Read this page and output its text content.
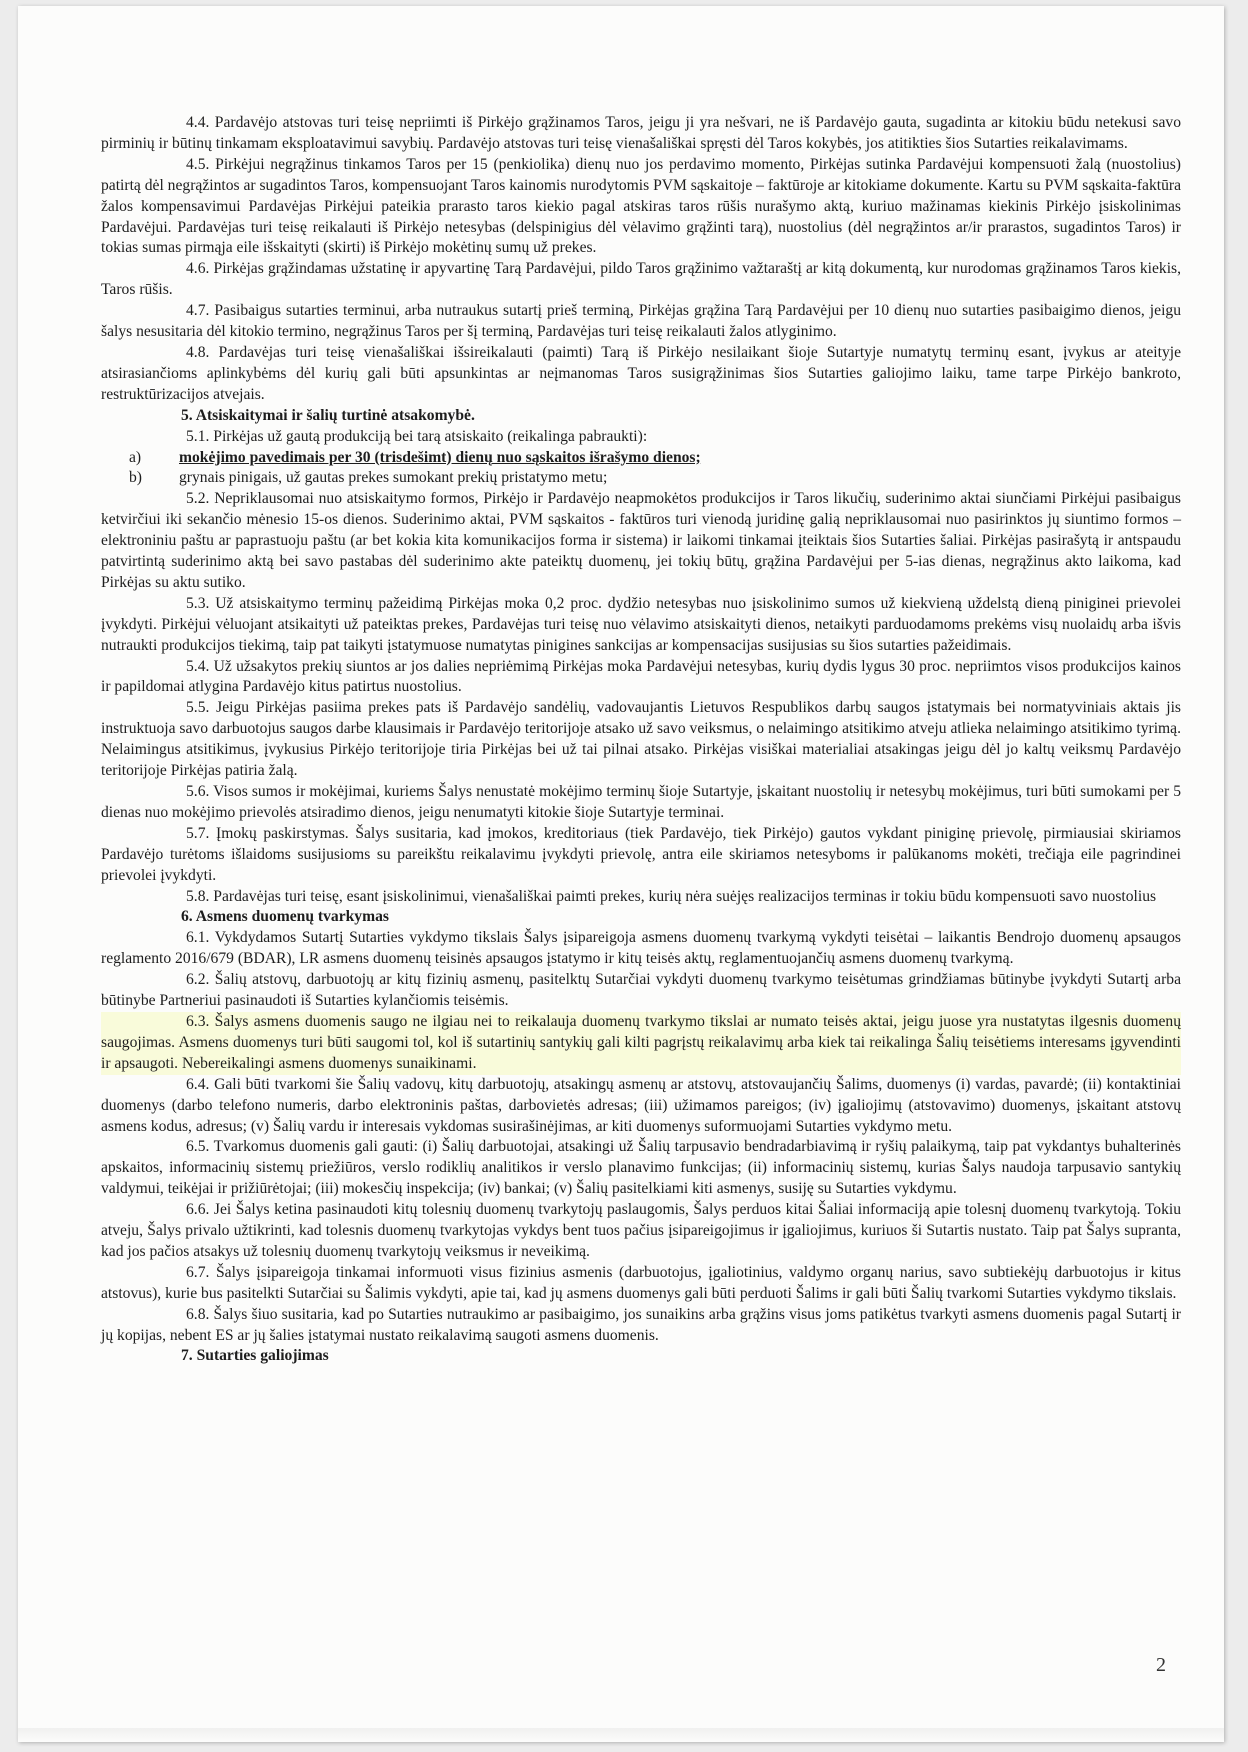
4.4. Pardavėjo atstovas turi teisę nepriimti iš Pirkėjo grąžinamos Taros, jeigu ji yra nešvari, ne iš Pardavėjo gauta, sugadinta ar kitokiu būdu netekusi savo pirminių ir būtinų tinkamam eksploatavimui savybių. Pardavėjo atstovas turi teisę vienašališkai spręsti dėl Taros kokybės, jos atitikties šios Sutarties reikalavimams.

4.5. Pirkėjui negrąžinus tinkamos Taros per 15 (penkiolika) dienų nuo jos perdavimo momento, Pirkėjas sutinka Pardavėjui kompensuoti žalą (nuostolius) patirtą dėl negrąžintos ar sugadintos Taros, kompensuojant Taros kainomis nurodytomis PVM sąskaitoje – faktūroje ar kitokiame dokumente. Kartu su PVM sąskaita-faktūra žalos kompensavimui Pardavėjas Pirkėjui pateikia prarasto taros kiekio pagal atskiras taros rūšis nurašymo aktą, kuriuo mažinamas kiekinis Pirkėjo įsiskolinimas Pardavėjui. Pardavėjas turi teisę reikalauti iš Pirkėjo netesybas (delspinigius dėl vėlavimo grąžinti tarą), nuostolius (dėl negrąžintos ar/ir prarastos, sugadintos Taros) ir tokias sumas pirmąja eile išskaityti (skirti) iš Pirkėjo mokėtinų sumų už prekes.

4.6. Pirkėjas grąžindamas užstatinę ir apyvartinę Tarą Pardavėjui, pildo Taros grąžinimo važtaraštį ar kitą dokumentą, kur nurodomas grąžinamos Taros kiekis, Taros rūšis.

4.7. Pasibaigus sutarties terminui, arba nutraukus sutartį prieš terminą, Pirkėjas grąžina Tarą Pardavėjui per 10 dienų nuo sutarties pasibaigimo dienos, jeigu šalys nesusitaria dėl kitokio termino, negrąžinus Taros per šį terminą, Pardavėjas turi teisę reikalauti žalos atlyginimo.

4.8. Pardavėjas turi teisę vienašališkai išsireikalauti (paimti) Tarą iš Pirkėjo nesilaikant šioje Sutartyje numatytų terminų esant, įvykus ar ateityje atsirasiančioms aplinkybėms dėl kurių gali būti apsunkintas ar neįmanomas Taros susigrąžinimas šios Sutarties galiojimo laiku, tame tarpe Pirkėjo bankroto, restruktūrizacijos atvejais.

5. Atsiskaitymai ir šalių turtinė atsakomybė.

5.1. Pirkėjas už gautą produkciją bei tarą atsiskaito (reikalinga pabraukti):

a) mokėjimo pavedimais per 30 (trisdešimt) dienų nuo sąskaitos išrašymo dienos;

b) grynais pinigais, už gautas prekes sumokant prekių pristatymo metu;

5.2. Nepriklausomai nuo atsiskaitymo formos, Pirkėjo ir Pardavėjo neapmokėtos produkcijos ir Taros likučių, suderinimo aktai siunčiami Pirkėjui pasibaigus ketvirčiui iki sekančio mėnesio 15-os dienos. Suderinimo aktai, PVM sąskaitos - faktūros turi vienodą juridinę galią nepriklausomai nuo pasirinktos jų siuntimo formos – elektroniniu paštu ar paprastuoju paštu (ar bet kokia kita komunikacijos forma ir sistema) ir laikomi tinkamai įteiktais šios Sutarties šaliai. Pirkėjas pasirašytą ir antspaudu patvirtintą suderinimo aktą bei savo pastabas dėl suderinimo akte pateiktų duomenų, jei tokių būtų, grąžina Pardavėjui per 5-ias dienas, negrąžinus akto laikoma, kad Pirkėjas su aktu sutiko.

5.3. Už atsiskaitymo terminų pažeidimą Pirkėjas moka 0,2 proc. dydžio netesybas nuo įsiskolinimo sumos už kiekvieną uždelstą dieną piniginei prievolei įvykdyti. Pirkėjui vėluojant atsikaityti už pateiktas prekes, Pardavėjas turi teisę nuo vėlavimo atsiskaityti dienos, netaikyti parduodamoms prekėms visų nuolaidų arba išvis nutraukti produkcijos tiekimą, taip pat taikyti įstatymuose numatytas pinigines sankcijas ar kompensacijas susijusias su šios sutarties pažeidimais.

5.4. Už užsakytos prekių siuntos ar jos dalies nepriėmimą Pirkėjas moka Pardavėjui netesybas, kurių dydis lygus 30 proc. nepriimtos visos produkcijos kainos ir papildomai atlygina Pardavėjo kitus patirtus nuostolius.

5.5. Jeigu Pirkėjas pasiima prekes pats iš Pardavėjo sandėlių, vadovaujantis Lietuvos Respublikos darbų saugos įstatymais bei normatyviniais aktais jis instruktuoja savo darbuotojus saugos darbe klausimais ir Pardavėjo teritorijoje atsako už savo veiksmus, o nelaimingo atsitikimo atveju atlieka nelaimingo atsitikimo tyrimą. Nelaimingus atsitikimus, įvykusius Pirkėjo teritorijoje tiria Pirkėjas bei už tai pilnai atsako. Pirkėjas visiškai materialiai atsakingas jeigu dėl jo kaltų veiksmų Pardavėjo teritorijoje Pirkėjas patiria žalą.

5.6. Visos sumos ir mokėjimai, kuriems Šalys nenustatė mokėjimo terminų šioje Sutartyje, įskaitant nuostolių ir netesybų mokėjimus, turi būti sumokami per 5 dienas nuo mokėjimo prievolės atsiradimo dienos, jeigu nenumatyti kitokie šioje Sutartyje terminai.

5.7. Įmokų paskirstymas. Šalys susitaria, kad įmokos, kreditoriaus (tiek Pardavėjo, tiek Pirkėjo) gautos vykdant piniginę prievolę, pirmiausiai skiriamos Pardavėjo turėtoms išlaidoms susijusioms su pareikštu reikalavimu įvykdyti prievolę, antra eile skiriamos netesyboms ir palūkanoms mokėti, trečiąja eile pagrindinei prievolei įvykdyti.

5.8. Pardavėjas turi teisę, esant įsiskolinimui, vienašališkai paimti prekes, kurių nėra suėjęs realizacijos terminas ir tokiu būdu kompensuoti savo nuostolius

6. Asmens duomenų tvarkymas

6.1. Vykdydamos Sutartį Sutarties vykdymo tikslais Šalys įsipareigoja asmens duomenų tvarkymą vykdyti teisėtai – laikantis Bendrojo duomenų apsaugos reglamento 2016/679 (BDAR), LR asmens duomenų teisinės apsaugos įstatymo ir kitų teisės aktų, reglamentuojančių asmens duomenų tvarkymą.

6.2. Šalių atstovų, darbuotojų ar kitų fizinių asmenų, pasitelktų Sutarčiai vykdyti duomenų tvarkymo teisėtumas grindžiamas būtinybe įvykdyti Sutartį arba būtinybe Partneriui pasinaudoti iš Sutarties kylančiomis teisėmis.

6.3. Šalys asmens duomenis saugo ne ilgiau nei to reikalauja duomenų tvarkymo tikslai ar numato teisės aktai, jeigu juose yra nustatytas ilgesnis duomenų saugojimas. Asmens duomenys turi būti saugomi tol, kol iš sutartinių santykių gali kilti pagrįstų reikalavimų arba kiek tai reikalinga Šalių teisėtiems interesams įgyvendinti ir apsaugoti. Nebereikalingi asmens duomenys sunaikinami.

6.4. Gali būti tvarkomi šie Šalių vadovų, kitų darbuotojų, atsakingų asmenų ar atstovų, atstovaujančių Šalims, duomenys (i) vardas, pavardė; (ii) kontaktiniai duomenys (darbo telefono numeris, darbo elektroninis paštas, darbovietės adresas; (iii) užimamos pareigos; (iv) įgaliojimų (atstovavimo) duomenys, įskaitant atstovų asmens kodus, adresus; (v) Šalių vardu ir interesais vykdomas susirašinėjimas, ar kiti duomenys suformuojami Sutarties vykdymo metu.

6.5. Tvarkomus duomenis gali gauti: (i) Šalių darbuotojai, atsakingi už Šalių tarpusavio bendradarbiavimą ir ryšių palaikymą, taip pat vykdantys buhalterinės apskaitos, informacinių sistemų priežiūros, verslo rodiklių analitikos ir verslo planavimo funkcijas; (ii) informacinių sistemų, kurias Šalys naudoja tarpusavio santykių valdymui, teikėjai ir prižiūrėtojai; (iii) mokesčių inspekcija; (iv) bankai; (v) Šalių pasitelkiami kiti asmenys, susiję su Sutarties vykdymu.

6.6. Jei Šalys ketina pasinaudoti kitų tolesnių duomenų tvarkytojų paslaugomis, Šalys perduos kitai Šaliai informaciją apie tolesnį duomenų tvarkytoją. Tokiu atveju, Šalys privalo užtikrinti, kad tolesnis duomenų tvarkytojas vykdys bent tuos pačius įsipareigojimus ir įgaliojimus, kuriuos ši Sutartis nustato. Taip pat Šalys supranta, kad jos pačios atsakys už tolesnių duomenų tvarkytojų veiksmus ir neveikimą.

6.7. Šalys įsipareigoja tinkamai informuoti visus fizinius asmenis (darbuotojus, įgaliotinius, valdymo organų narius, savo subtiekėjų darbuotojus ir kitus atstovus), kurie bus pasitelkti Sutarčiai su Šalimis vykdyti, apie tai, kad jų asmens duomenys gali būti perduoti Šalims ir gali būti Šalių tvarkomi Sutarties vykdymo tikslais.

6.8. Šalys šiuo susitaria, kad po Sutarties nutraukimo ar pasibaigimo, jos sunaikins arba grąžins visus joms patikėtus tvarkyti asmens duomenis pagal Sutartį ir jų kopijas, nebent ES ar jų šalies įstatymai nustato reikalavimą saugoti asmens duomenis.

7. Sutarties galiojimas

2
